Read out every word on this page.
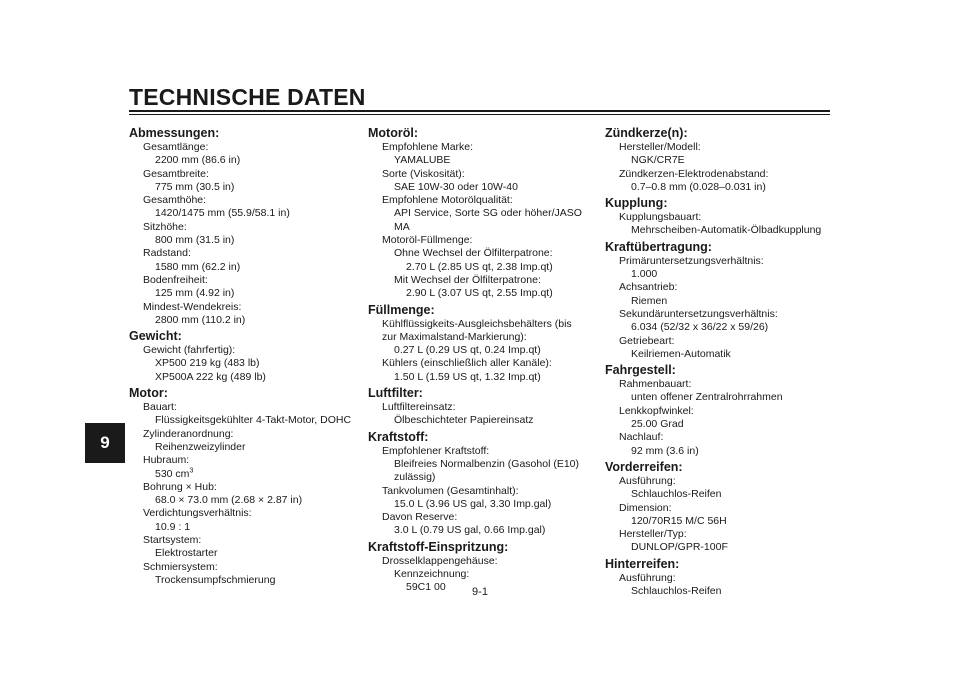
TECHNISCHE DATEN
9
Abmessungen:
Gesamtlänge:
2200 mm (86.6 in)
Gesamtbreite:
775 mm (30.5 in)
Gesamthöhe:
1420/1475 mm (55.9/58.1 in)
Sitzhöhe:
800 mm (31.5 in)
Radstand:
1580 mm (62.2 in)
Bodenfreiheit:
125 mm (4.92 in)
Mindest-Wendekreis:
2800 mm (110.2 in)
Gewicht:
Gewicht (fahrfertig):
XP500 219 kg (483 lb)
XP500A 222 kg (489 lb)
Motor:
Bauart:
Flüssigkeitsgekühlter 4-Takt-Motor, DOHC
Zylinderanordnung:
Reihenzweizylinder
Hubraum:
530 $cm^3$
Bohrung × Hub:
68.0 × 73.0 mm (2.68 × 2.87 in)
Verdichtungsverhältnis:
10.9 : 1
Startsystem:
Elektrostarter
Schmiersystem:
Trockensumpfschmierung
Motoröl:
Empfohlene Marke:
YAMALUBE
Sorte (Viskosität):
SAE 10W-30 oder 10W-40
Empfohlene Motorölqualität:
API Service, Sorte SG oder höher/JASO MA
Motoröl-Füllmenge:
Ohne Wechsel der Ölfilterpatrone:
2.70 L (2.85 US qt, 2.38 Imp.qt)
Mit Wechsel der Ölfilterpatrone:
2.90 L (3.07 US qt, 2.55 Imp.qt)
Füllmenge:
Kühlflüssigkeits-Ausgleichsbehälters (bis zur Maximalstand-Markierung):
0.27 L (0.29 US qt, 0.24 Imp.qt)
Kühlers (einschließlich aller Kanäle):
1.50 L (1.59 US qt, 1.32 Imp.qt)
Luftfilter:
Luftfiltereinsatz:
Ölbeschichteter Papiereinsatz
Kraftstoff:
Empfohlener Kraftstoff:
Bleifreies Normalbenzin (Gasohol (E10) zulässig)
Tankvolumen (Gesamtinhalt):
15.0 L (3.96 US gal, 3.30 Imp.gal)
Davon Reserve:
3.0 L (0.79 US gal, 0.66 Imp.gal)
Kraftstoff-Einspritzung:
Drosselklappengehäuse:
Kennzeichnung:
59C1 00
Zündkerze(n):
Hersteller/Modell:
NGK/CR7E
Zündkerzen-Elektrodenabstand:
0.7–0.8 mm (0.028–0.031 in)
Kupplung:
Kupplungsbauart:
Mehrscheiben-Automatik-Ölbadkupplung
Kraftübertragung:
Primäruntersetzungsverhältnis:
1.000
Achsantrieb:
Riemen
Sekundäruntersetzungsverhältnis:
6.034 (52/32 x 36/22 x 59/26)
Getriebeart:
Keilriemen-Automatik
Fahrgestell:
Rahmenbauart:
unten offener Zentralrohrrahmen
Lenkkopfwinkel:
25.00 Grad
Nachlauf:
92 mm (3.6 in)
Vorderreifen:
Ausführung:
Schlauchlos-Reifen
Dimension:
120/70R15 M/C 56H
Hersteller/Typ:
DUNLOP/GPR-100F
Hinterreifen:
Ausführung:
Schlauchlos-Reifen
9-1
